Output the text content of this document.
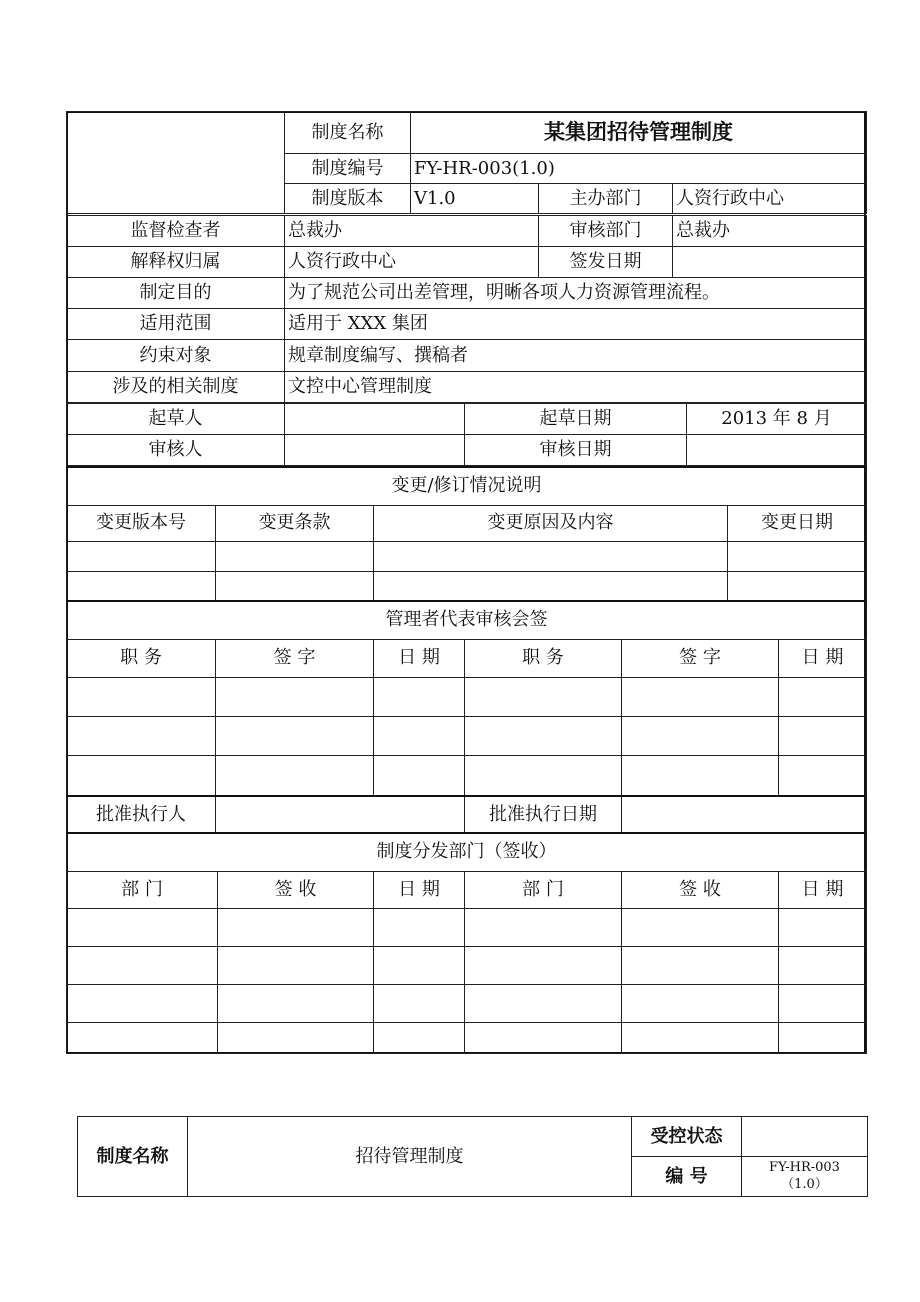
	制度名称	某集团招待管理制度		
	制度编号	FY-HR-003(1.0)		
	制度版本	V1.0	主办部门	人资行政中心
监督检查者	总裁办	审核部门	总裁办
解释权归属	人资行政中心	签发日期	
制定目的	为了规范公司出差管理，明晰各项人力资源管理流程。		
适用范围	适用于 XXX 集团		
约束对象	规章制度编写、撰稿者		
涉及的相关制度	文控中心管理制度		
起草人		起草日期	2013 年 8 月
审核人		审核日期	
变更/修订情况说明			
变更版本号	变更条款	变更原因及内容	变更日期

管理者代表审核会签					
职 务	签 字	日 期	职 务	签 字	日 期

批准执行人		批准执行日期	
制度分发部门（签收）					
部 门	签 收	日 期	部 门	签 收	日 期

制度名称	招待管理制度	受控状态	
		编 号	FY-HR-003
（1.0）
